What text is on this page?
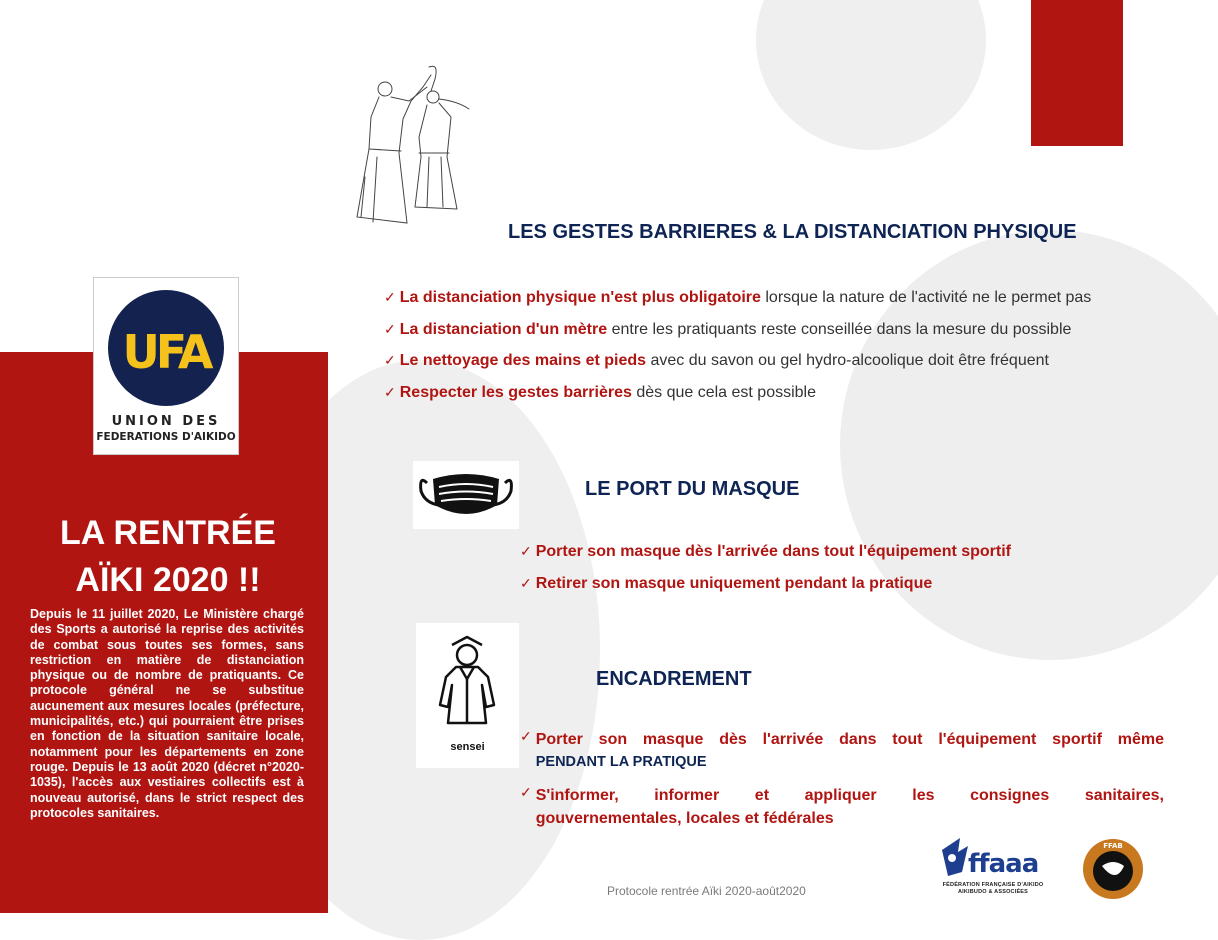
UFA
UNION DES
FEDERATIONS D'AIKIDO
LA RENTRÉE
AÏKI 2020 !!
Depuis le 11 juillet 2020, Le Ministère chargé des Sports a autorisé la reprise des activités de combat sous toutes ses formes, sans restriction en matière de distanciation physique ou de nombre de pratiquants. Ce protocole général ne se substitue aucunement aux mesures locales (préfecture, municipalités, etc.) qui pourraient être prises en fonction de la situation sanitaire locale, notamment pour les départements en zone rouge. Depuis le 13 août 2020 (décret n°2020-1035), l'accès aux vestiaires collectifs est à nouveau autorisé, dans le strict respect des protocoles sanitaires.
LES GESTES BARRIERES & LA DISTANCIATION PHYSIQUE
✓ La distanciation physique n'est plus obligatoire lorsque la nature de l'activité ne le permet pas
✓ La distanciation d'un mètre entre les pratiquants reste conseillée dans la mesure du possible
✓ Le nettoyage des mains et pieds avec du savon ou gel hydro-alcoolique doit être fréquent
✓ Respecter les gestes barrières dès que cela est possible
LE PORT DU MASQUE
✓ Porter son masque dès l'arrivée dans tout l'équipement sportif
✓ Retirer son masque uniquement pendant la pratique
sensei
ENCADREMENT
✓ Porter son masque dès l'arrivée dans tout l'équipement sportif même
PENDANT LA PRATIQUE
✓ S'informer, informer et appliquer les consignes sanitaires,
gouvernementales, locales et fédérales
Protocole rentrée Aïki 2020-août2020
ffaaa
FÉDÉRATION FRANÇAISE D'AIKIDO AIKIBUDO & ASSOCIÉES
FFAB
